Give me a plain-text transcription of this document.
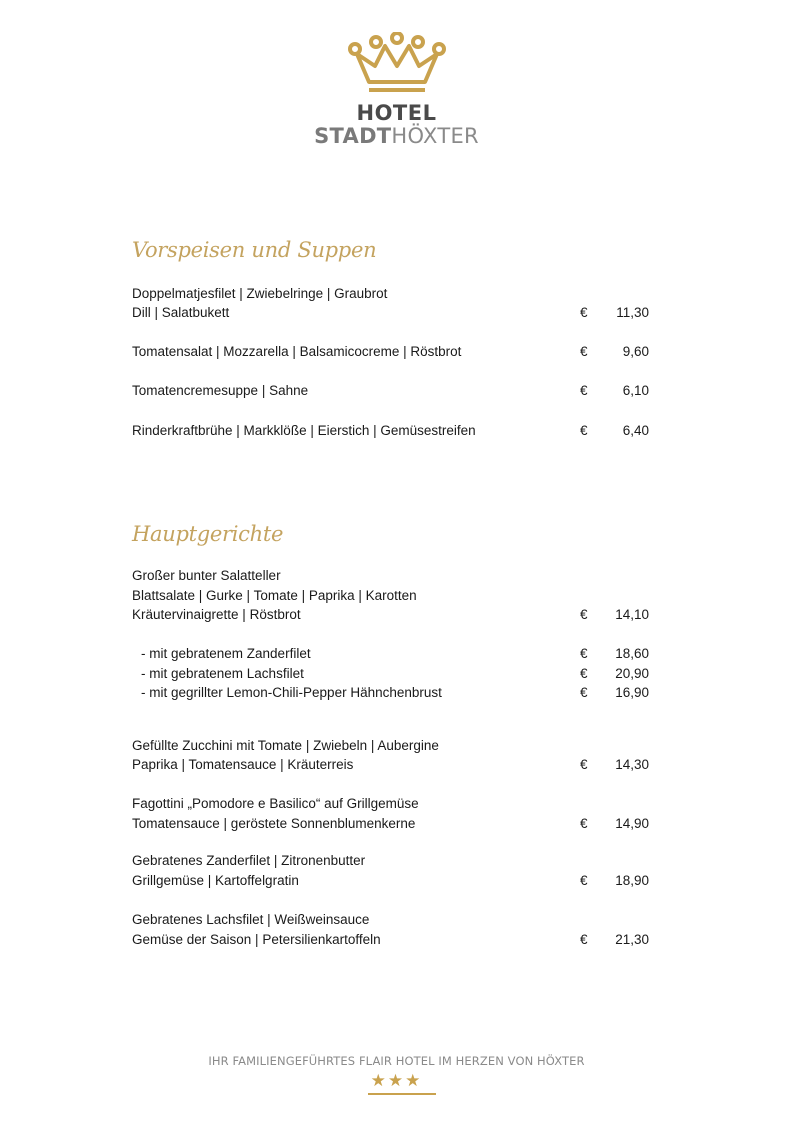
HOTEL
STADTHÖXTER
Vorspeisen und Suppen
Doppelmatjesfilet | Zwiebelringe | Graubrot
Dill | Salatbukett	€ 11,30
Tomatensalat | Mozzarella | Balsamicocreme | Röstbrot	€	9,60
Tomatencremesuppe | Sahne	€	6,10
Rinderkraftbrühe | Markklöße | Eierstich | Gemüsestreifen	€	6,40
Hauptgerichte
Großer bunter Salatteller
Blattsalate | Gurke | Tomate | Paprika | Karotten
Kräutervinaigrette | Röstbrot	€ 14,10
- mit gebratenem Zanderfilet	€ 18,60
- mit gebratenem Lachsfilet	€ 20,90
- mit gegrillter Lemon-Chili-Pepper Hähnchenbrust	€ 16,90
Gefüllte Zucchini mit Tomate | Zwiebeln | Aubergine
Paprika | Tomatensauce | Kräuterreis	€ 14,30
Fagottini „Pomodore e Basilico“ auf Grillgemüse
Tomatensauce | geröstete Sonnenblumenkerne	€ 14,90
Gebratenes Zanderfilet | Zitronenbutter
Grillgemüse | Kartoffelgratin	€ 18,90
Gebratenes Lachsfilet | Weißweinsauce
Gemüse der Saison | Petersilienkartoffeln	€ 21,30
IHR FAMILIENGEFÜHRTES FLAIR HOTEL IM HERZEN VON HÖXTER
★★★
